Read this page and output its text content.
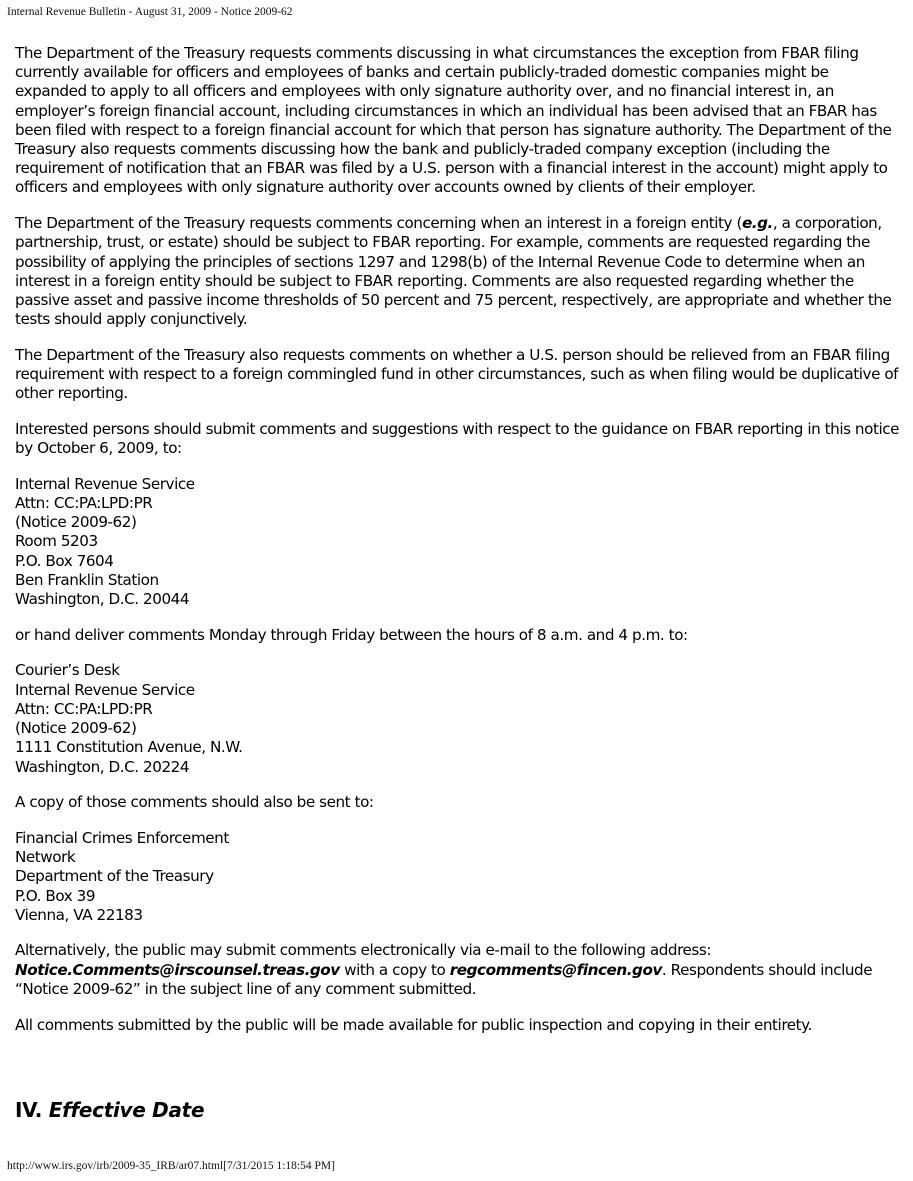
Internal Revenue Bulletin - August 31, 2009 - Notice 2009-62

The Department of the Treasury requests comments discussing in what circumstances the exception from FBAR filing currently available for officers and employees of banks and certain publicly-traded domestic companies might be expanded to apply to all officers and employees with only signature authority over, and no financial interest in, an employer’s foreign financial account, including circumstances in which an individual has been advised that an FBAR has been filed with respect to a foreign financial account for which that person has signature authority. The Department of the Treasury also requests comments discussing how the bank and publicly-traded company exception (including the requirement of notification that an FBAR was filed by a U.S. person with a financial interest in the account) might apply to officers and employees with only signature authority over accounts owned by clients of their employer.

The Department of the Treasury requests comments concerning when an interest in a foreign entity (e.g., a corporation, partnership, trust, or estate) should be subject to FBAR reporting. For example, comments are requested regarding the possibility of applying the principles of sections 1297 and 1298(b) of the Internal Revenue Code to determine when an interest in a foreign entity should be subject to FBAR reporting. Comments are also requested regarding whether the passive asset and passive income thresholds of 50 percent and 75 percent, respectively, are appropriate and whether the tests should apply conjunctively.

The Department of the Treasury also requests comments on whether a U.S. person should be relieved from an FBAR filing requirement with respect to a foreign commingled fund in other circumstances, such as when filing would be duplicative of other reporting.

Interested persons should submit comments and suggestions with respect to the guidance on FBAR reporting in this notice by October 6, 2009, to:

Internal Revenue Service
Attn: CC:PA:LPD:PR
(Notice 2009-62)
Room 5203
P.O. Box 7604
Ben Franklin Station
Washington, D.C. 20044

or hand deliver comments Monday through Friday between the hours of 8 a.m. and 4 p.m. to:

Courier’s Desk
Internal Revenue Service
Attn: CC:PA:LPD:PR
(Notice 2009-62)
1111 Constitution Avenue, N.W.
Washington, D.C. 20224

A copy of those comments should also be sent to:

Financial Crimes Enforcement
Network
Department of the Treasury
P.O. Box 39
Vienna, VA 22183

Alternatively, the public may submit comments electronically via e-mail to the following address: Notice.Comments@irscounsel.treas.gov with a copy to regcomments@fincen.gov. Respondents should include “Notice 2009-62” in the subject line of any comment submitted.

All comments submitted by the public will be made available for public inspection and copying in their entirety.

IV. Effective Date
http://www.irs.gov/irb/2009-35_IRB/ar07.html[7/31/2015 1:18:54 PM]
